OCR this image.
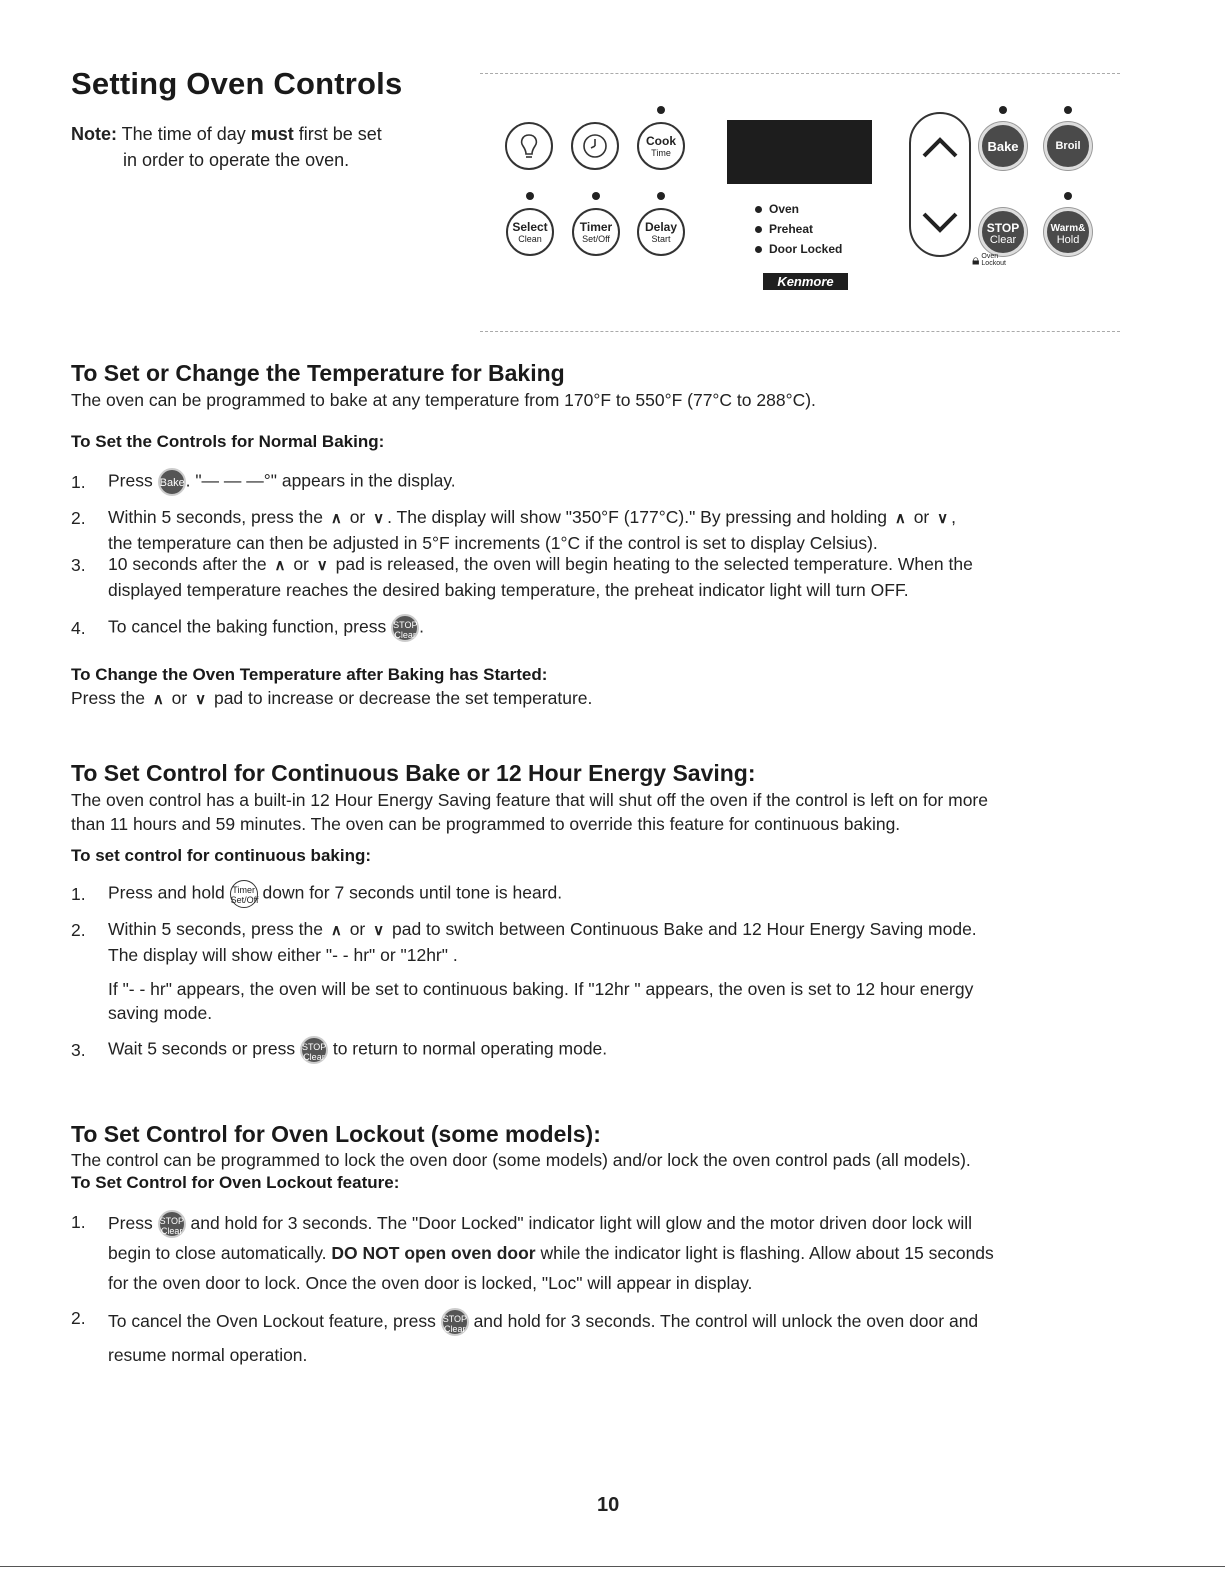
Setting Oven Controls
Note: The time of day must first be set
in order to operate the oven.
Cook
Time
Select
Clean
Timer
Set/Off
Delay
Start
Oven
Preheat
Door Locked
Kenmore
Bake	Broil
STOP
Clear
Warm&
Hold
🔒︎ Oven
Lockout
To Set or Change the Temperature for Baking
The oven can be programmed to bake at any temperature from 170°F to 550°F (77°C to 288°C).
To Set the Controls for Normal Baking:
1. Press Bake. "— — —°" appears in the display.
2. Within 5 seconds, press the ∧ or ∨ . The display will show "350°F (177°C)." By pressing and holding ∧ or ∨ ,
the temperature can then be adjusted in 5°F increments (1°C if the control is set to display Celsius).
3. 10 seconds after the ∧ or ∨ pad is released, the oven will begin heating to the selected temperature. When the
displayed temperature reaches the desired baking temperature, the preheat indicator light will turn OFF.
4. To cancel the baking function, press STOP
Clear .
To Change the Oven Temperature after Baking has Started:
Press the ∧ or ∨ pad to increase or decrease the set temperature.
To Set Control for Continuous Bake or 12 Hour Energy Saving:
The oven control has a built-in 12 Hour Energy Saving feature that will shut off the oven if the control is left on for more
than 11 hours and 59 minutes. The oven can be programmed to override this feature for continuous baking.
To set control for continuous baking:
1. Press and hold Timer
Set/Off down for 7 seconds until tone is heard.
2. Within 5 seconds, press the ∧ or ∨ pad to switch between Continuous Bake and 12 Hour Energy Saving mode.
The display will show either "- - hr" or "12hr" .
If "- - hr" appears, the oven will be set to continuous baking. If "12hr " appears, the oven is set to 12 hour energy
saving mode.
3. Wait 5 seconds or press STOP
Clear to return to normal operating mode.
To Set Control for Oven Lockout (some models):
The control can be programmed to lock the oven door (some models) and/or lock the oven control pads (all models).
To Set Control for Oven Lockout feature:
1. Press STOP
Clear and hold for 3 seconds. The "Door Locked" indicator light will glow and the motor driven door lock will
begin to close automatically. DO NOT open oven door while the indicator light is flashing. Allow about 15 seconds
for the oven door to lock. Once the oven door is locked, "Loc" will appear in display.
2. To cancel the Oven Lockout feature, press STOP
Clear and hold for 3 seconds. The control will unlock the oven door and
resume normal operation.
10
